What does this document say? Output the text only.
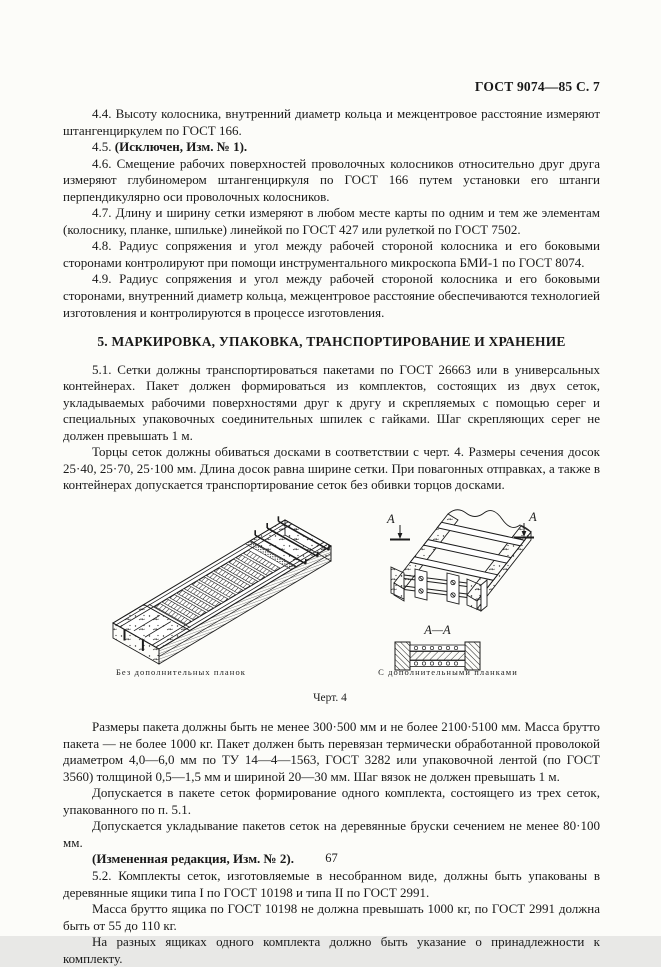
ГОСТ 9074—85 С. 7

4.4. Высоту колосника, внутренний диаметр кольца и межцентровое расстояние измеряют штангенциркулем по ГОСТ 166.

4.5. (Исключен, Изм. № 1).

4.6. Смещение рабочих поверхностей проволочных колосников относительно друг друга измеряют глубиномером штангенциркуля по ГОСТ 166 путем установки его штанги перпендикулярно оси проволочных колосников.

4.7. Длину и ширину сетки измеряют в любом месте карты по одним и тем же элементам (колоснику, планке, шпильке) линейкой по ГОСТ 427 или рулеткой по ГОСТ 7502.

4.8. Радиус сопряжения и угол между рабочей стороной колосника и его боковыми сторонами контролируют при помощи инструментального микроскопа БМИ-1 по ГОСТ 8074.

4.9. Радиус сопряжения и угол между рабочей стороной колосника и его боковыми сторонами, внутренний диаметр кольца, межцентровое расстояние обеспечиваются технологией изготовления и контролируются в процессе изготовления.

5. МАРКИРОВКА, УПАКОВКА, ТРАНСПОРТИРОВАНИЕ И ХРАНЕНИЕ

5.1. Сетки должны транспортироваться пакетами по ГОСТ 26663 или в универсальных контейнерах. Пакет должен формироваться из комплектов, состоящих из двух сеток, укладываемых рабочими поверхностями друг к другу и скрепляемых с помощью серег и специальных упаковочных соединительных шпилек с гайками. Шаг скрепляющих серег не должен превышать 1 м.

Торцы сеток должны обиваться досками в соответствии с черт. 4. Размеры сечения досок 25·40, 25·70, 25·100 мм. Длина досок равна ширине сетки. При повагонных отправках, а также в контейнерах допускается транспортирование сеток без обивки торцов досками.

А	А
А—А
Без дополнительных планок	С дополнительными планками
Черт. 4

Размеры пакета должны быть не менее 300·500 мм и не более 2100·5100 мм. Масса брутто пакета — не более 1000 кг. Пакет должен быть перевязан термически обработанной проволокой диаметром 4,0—6,0 мм по ТУ 14—4—1563, ГОСТ 3282 или упаковочной лентой (по ГОСТ 3560) толщиной 0,5—1,5 мм и шириной 20—30 мм. Шаг вязок не должен превышать 1 м.

Допускается в пакете сеток формирование одного комплекта, состоящего из трех сеток, упакованного по п. 5.1.

Допускается укладывание пакетов сеток на деревянные бруски сечением не менее 80·100 мм.

(Измененная редакция, Изм. № 2).

5.2. Комплекты сеток, изготовляемые в несобранном виде, должны быть упакованы в деревянные ящики типа I по ГОСТ 10198 и типа II по ГОСТ 2991.

Масса брутто ящика по ГОСТ 10198 не должна превышать 1000 кг, по ГОСТ 2991 должна быть от 55 до 110 кг.

На разных ящиках одного комплекта должно быть указание о принадлежности к комплекту.

67
